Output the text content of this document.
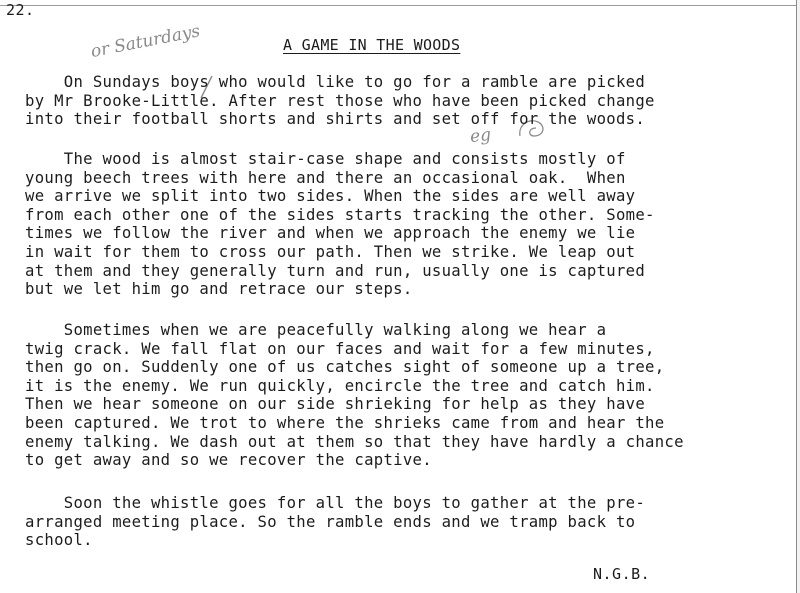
22.
A GAME IN THE WOODS
or Saturdays
eg

On Sundays boys who would like to go for a ramble are picked
by Mr Brooke-Little. After rest those who have been picked change
into their football shorts and shirts and set off for the woods.

The wood is almost stair-case shape and consists mostly of
young beech trees with here and there an occasional oak.  When
we arrive we split into two sides. When the sides are well away
from each other one of the sides starts tracking the other. Some-
times we follow the river and when we approach the enemy we lie
in wait for them to cross our path. Then we strike. We leap out
at them and they generally turn and run, usually one is captured
but we let him go and retrace our steps.

Sometimes when we are peacefully walking along we hear a
twig crack. We fall flat on our faces and wait for a few minutes,
then go on. Suddenly one of us catches sight of someone up a tree,
it is the enemy. We run quickly, encircle the tree and catch him.
Then we hear someone on our side shrieking for help as they have
been captured. We trot to where the shrieks came from and hear the
enemy talking. We dash out at them so that they have hardly a chance
to get away and so we recover the captive.

Soon the whistle goes for all the boys to gather at the pre-
arranged meeting place. So the ramble ends and we tramp back to
school.

N.G.B.
